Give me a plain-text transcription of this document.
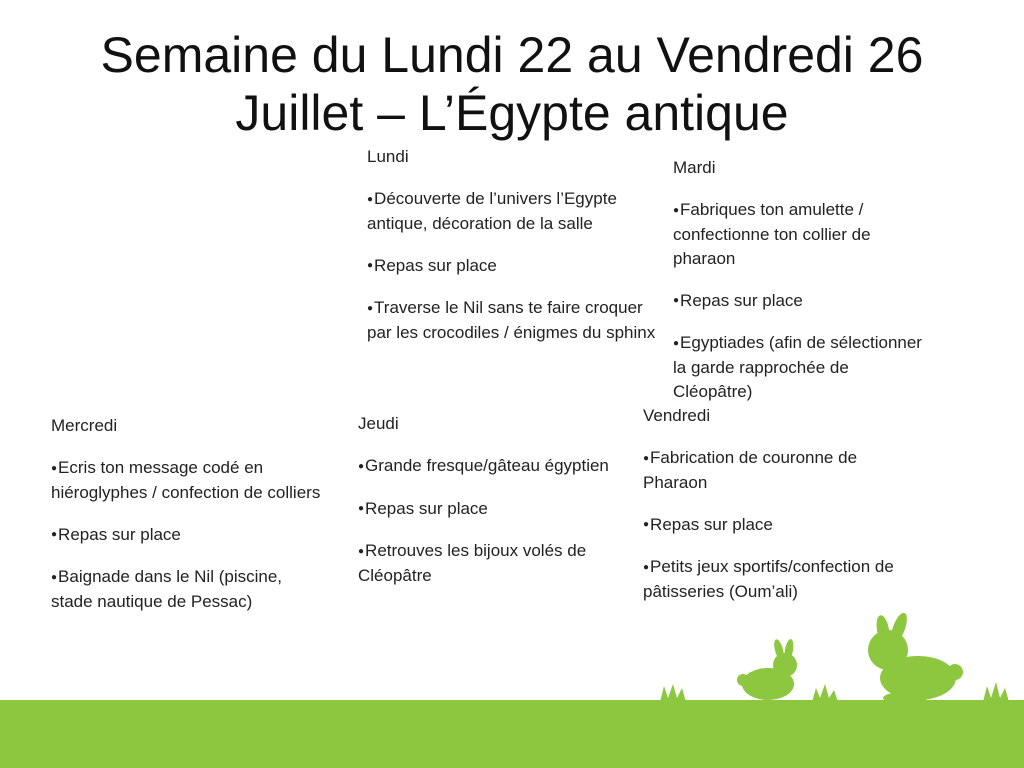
Semaine du Lundi 22 au Vendredi 26 Juillet – L’Égypte antique
Lundi
●Découverte de l’univers l’Egypte antique, décoration de la salle
●Repas sur place
●Traverse le Nil sans te faire croquer par les crocodiles / énigmes du sphinx
Mardi
●Fabriques ton amulette / confectionne ton collier de pharaon
●Repas sur place
●Egyptiades (afin de sélectionner la garde rapprochée de Cléopâtre)
Mercredi
●Ecris ton message codé en hiéroglyphes / confection de colliers
●Repas sur place
●Baignade dans le Nil (piscine, stade nautique de Pessac)
Jeudi
●Grande fresque/gâteau égyptien
●Repas sur place
●Retrouves les bijoux volés de Cléopâtre
Vendredi
●Fabrication de couronne de Pharaon
●Repas sur place
●Petits jeux sportifs/confection de pâtisseries (Oum’ali)
